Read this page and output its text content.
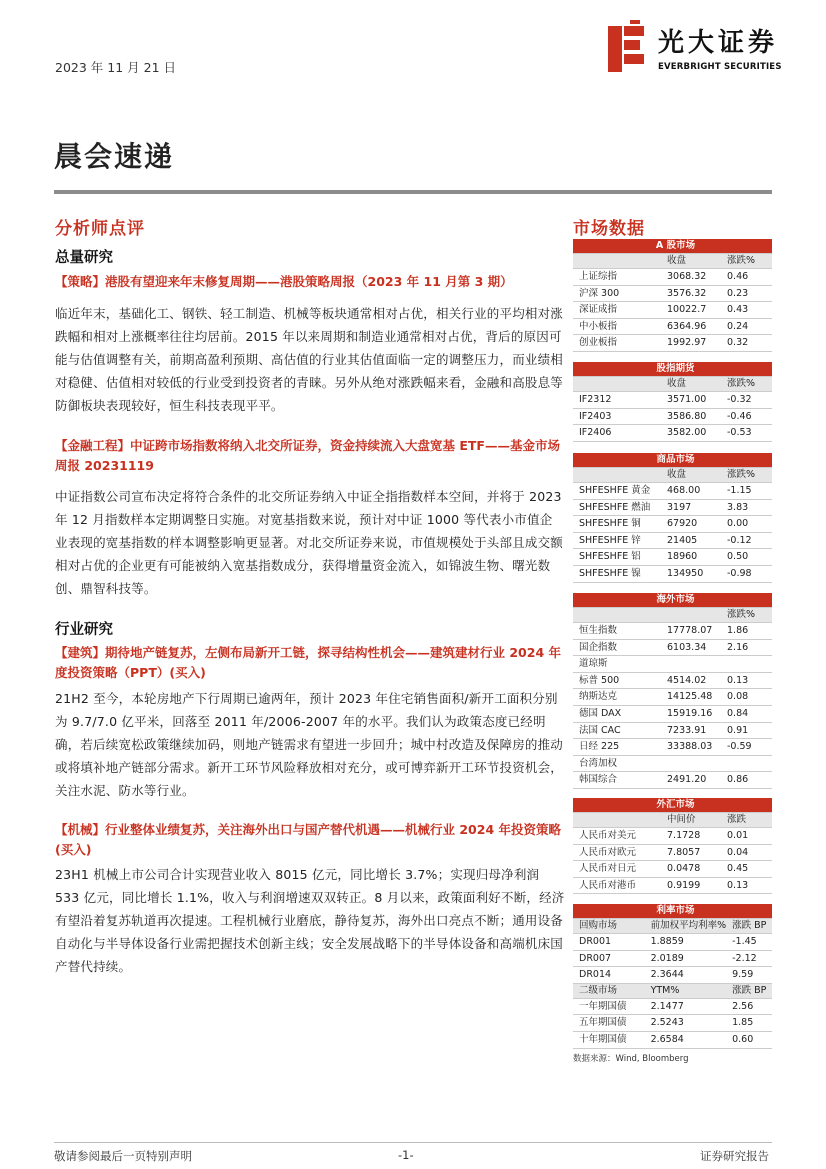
2023 年 11 月 21 日
光大证券
EVERBRIGHT SECURITIES
晨会速递
分析师点评
总量研究
【策略】港股有望迎来年末修复周期——港股策略周报（2023 年 11 月第 3 期）
临近年末，基础化工、钢铁、轻工制造、机械等板块通常相对占优，相关行业的平均相对涨跌幅和相对上涨概率往往均居前。2015 年以来周期和制造业通常相对占优，背后的原因可能与估值调整有关，前期高盈利预期、高估值的行业其估值面临一定的调整压力，而业绩相对稳健、估值相对较低的行业受到投资者的青睐。另外从绝对涨跌幅来看，金融和高股息等防御板块表现较好，恒生科技表现平平。
【金融工程】中证跨市场指数将纳入北交所证券，资金持续流入大盘宽基 ETF——基金市场周报 20231119
中证指数公司宣布决定将符合条件的北交所证券纳入中证全指指数样本空间，并将于 2023 年 12 月指数样本定期调整日实施。对宽基指数来说，预计对中证 1000 等代表小市值企业表现的宽基指数的样本调整影响更显著。对北交所证券来说，市值规模处于头部且成交额相对占优的企业更有可能被纳入宽基指数成分，获得增量资金流入，如锦波生物、曙光数创、鼎智科技等。
行业研究
【建筑】期待地产链复苏，左侧布局新开工链，探寻结构性机会——建筑建材行业 2024 年度投资策略（PPT）(买入)
21H2 至今，本轮房地产下行周期已逾两年，预计 2023 年住宅销售面积/新开工面积分别为 9.7/7.0 亿平米，回落至 2011 年/2006-2007 年的水平。我们认为政策态度已经明确，若后续宽松政策继续加码，则地产链需求有望进一步回升；城中村改造及保障房的推动或将填补地产链部分需求。新开工环节风险释放相对充分，或可博弈新开工环节投资机会，关注水泥、防水等行业。
【机械】行业整体业绩复苏，关注海外出口与国产替代机遇——机械行业 2024 年投资策略(买入)
23H1 机械上市公司合计实现营业收入 8015 亿元，同比增长 3.7%；实现归母净利润 533 亿元，同比增长 1.1%，收入与利润增速双双转正。8 月以来，政策面利好不断，经济有望沿着复苏轨道再次提速。工程机械行业磨底，静待复苏，海外出口亮点不断；通用设备自动化与半导体设备行业需把握技术创新主线；安全发展战略下的半导体设备和高端机床国产替代持续。
市场数据
A 股市场		
	收盘	涨跌%
上证综指	3068.32	0.46
沪深 300	3576.32	0.23
深证成指	10022.7	0.43
中小板指	6364.96	0.24
创业板指	1992.97	0.32
股指期货		
	收盘	涨跌%
IF2312	3571.00	-0.32
IF2403	3586.80	-0.46
IF2406	3582.00	-0.53
商品市场		
	收盘	涨跌%
SHFESHFE 黄金	468.00	-1.15
SHFESHFE 燃油	3197	3.83
SHFESHFE 铜	67920	0.00
SHFESHFE 锌	21405	-0.12
SHFESHFE 铝	18960	0.50
SHFESHFE 镍	134950	-0.98
海外市场		
		涨跌%
恒生指数	17778.07	1.86
国企指数	6103.34	2.16
道琼斯		
标普 500	4514.02	0.13
纳斯达克	14125.48	0.08
德国 DAX	15919.16	0.84
法国 CAC	7233.91	0.91
日经 225	33388.03	-0.59
台湾加权		
韩国综合	2491.20	0.86
外汇市场		
	中间价	涨跌
人民币对美元	7.1728	0.01
人民币对欧元	7.8057	0.04
人民币对日元	0.0478	0.45
人民币对港币	0.9199	0.13
利率市场		
回购市场	前加权平均利率%	涨跌 BP
DR001	1.8859	-1.45
DR007	2.0189	-2.12
DR014	2.3644	9.59
二级市场	YTM%	涨跌 BP
一年期国债	2.1477	2.56
五年期国债	2.5243	1.85
十年期国债	2.6584	0.60
数据来源：Wind, Bloomberg
敬请参阅最后一页特别声明	-1-	证券研究报告
